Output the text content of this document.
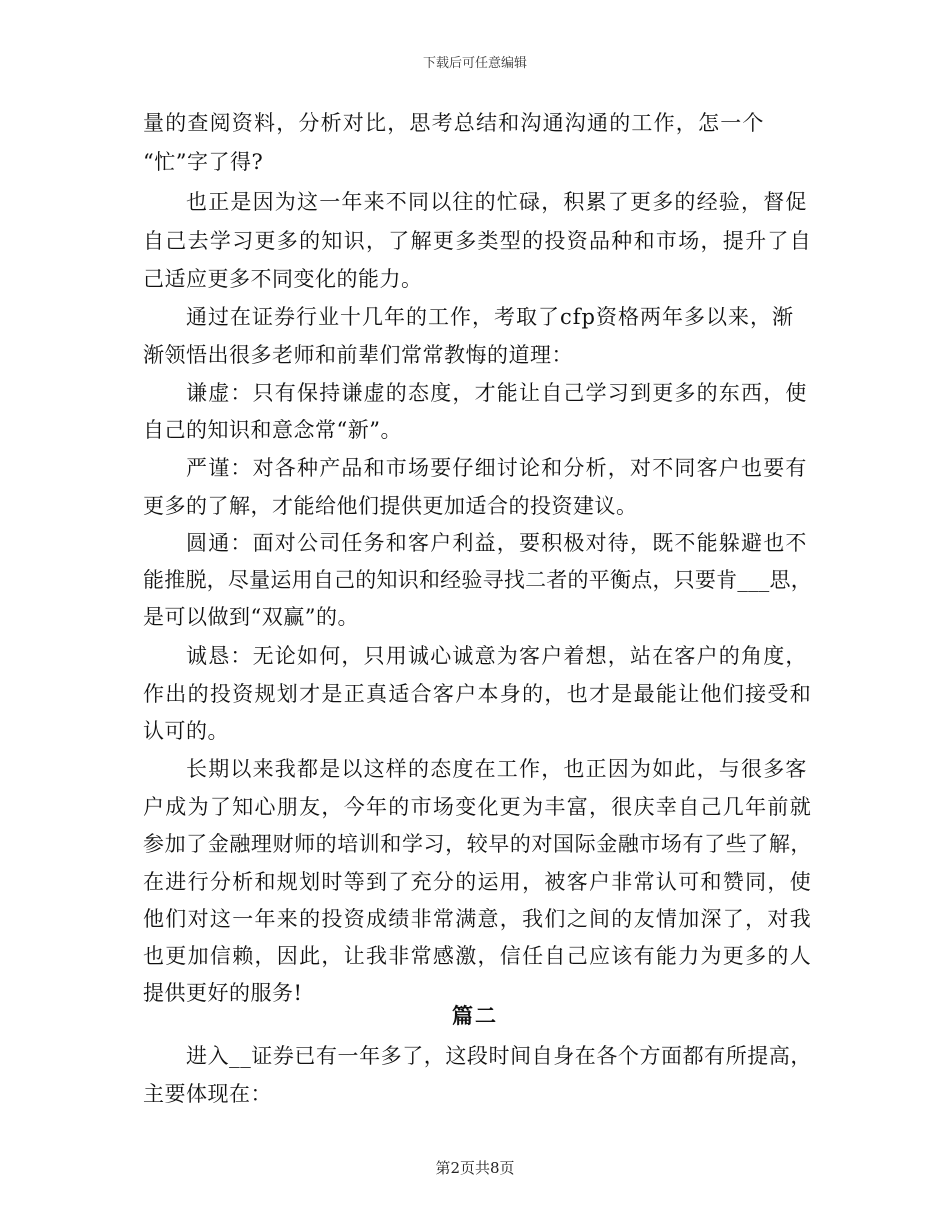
下载后可任意编辑
量的查阅资料，分析对比，思考总结和沟通沟通的工作，怎一个
“忙”字了得?
也正是因为这一年来不同以往的忙碌，积累了更多的经验，督促
自己去学习更多的知识，了解更多类型的投资品种和市场，提升了自
己适应更多不同变化的能力。
通过在证券行业十几年的工作，考取了cfp资格两年多以来，渐
渐领悟出很多老师和前辈们常常教悔的道理：
谦虚：只有保持谦虚的态度，才能让自己学习到更多的东西，使
自己的知识和意念常“新”。
严谨：对各种产品和市场要仔细讨论和分析，对不同客户也要有
更多的了解，才能给他们提供更加适合的投资建议。
圆通：面对公司任务和客户利益，要积极对待，既不能躲避也不
能推脱，尽量运用自己的知识和经验寻找二者的平衡点，只要肯___思，
是可以做到“双赢”的。
诚恳：无论如何，只用诚心诚意为客户着想，站在客户的角度，
作出的投资规划才是正真适合客户本身的，也才是最能让他们接受和
认可的。
长期以来我都是以这样的态度在工作，也正因为如此，与很多客
户成为了知心朋友，今年的市场变化更为丰富，很庆幸自己几年前就
参加了金融理财师的培训和学习，较早的对国际金融市场有了些了解，
在进行分析和规划时等到了充分的运用，被客户非常认可和赞同，使
他们对这一年来的投资成绩非常满意，我们之间的友情加深了，对我
也更加信赖，因此，让我非常感激，信任自己应该有能力为更多的人
提供更好的服务!
篇二
进入__证券已有一年多了，这段时间自身在各个方面都有所提高，
主要体现在：
第2页共8页
